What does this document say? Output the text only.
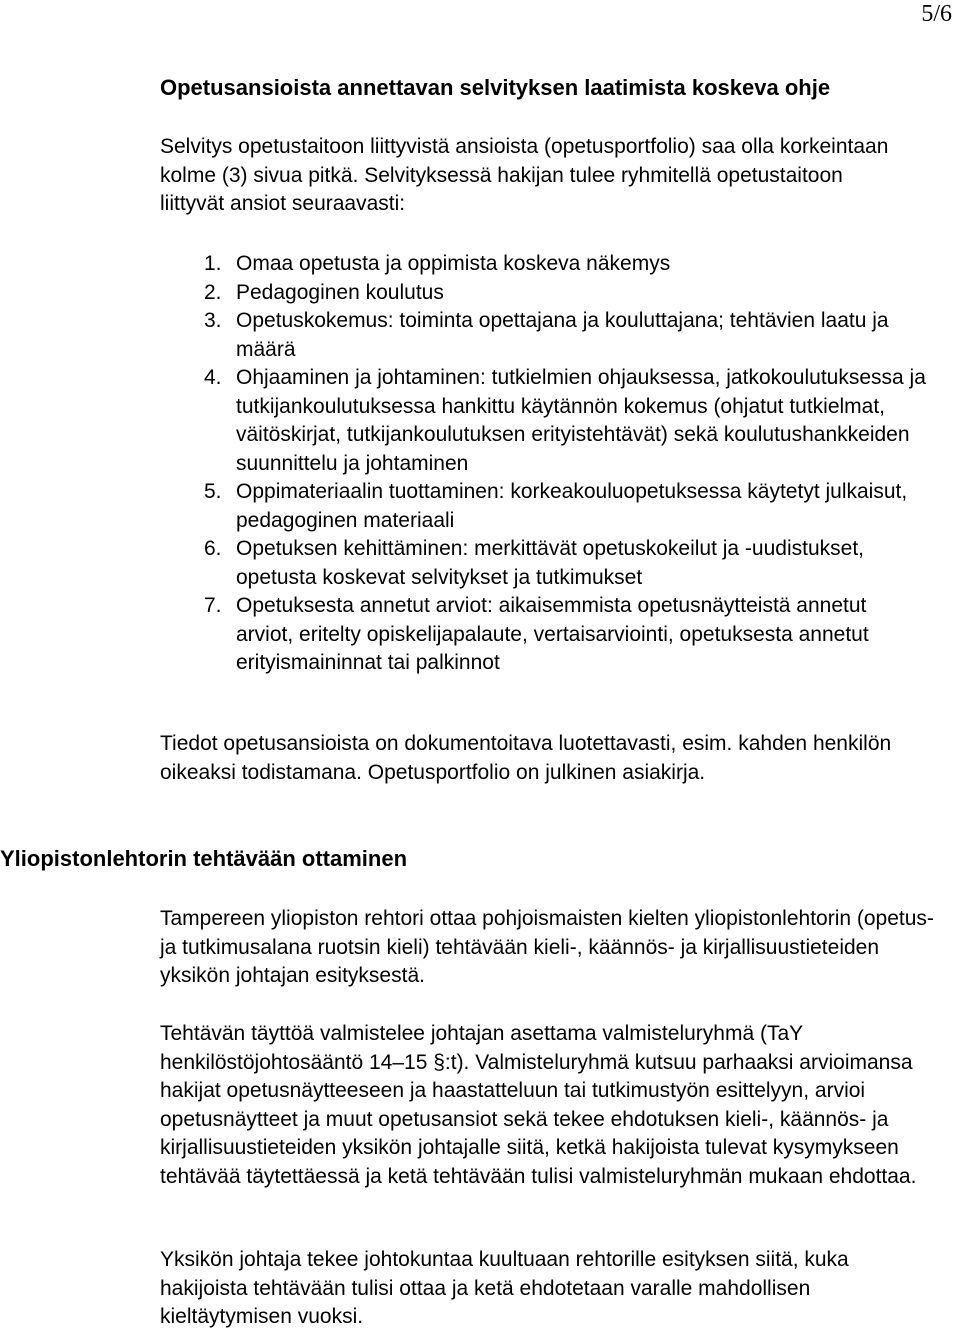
5/6
Opetusansioista annettavan selvityksen laatimista koskeva ohje

Selvitys opetustaitoon liittyvistä ansioista (opetusportfolio) saa olla korkeintaan kolme (3) sivua pitkä. Selvityksessä hakijan tulee ryhmitellä opetustaitoon liittyvät ansiot seuraavasti:

1. Omaa opetusta ja oppimista koskeva näkemys
2. Pedagoginen koulutus
3. Opetuskokemus: toiminta opettajana ja kouluttajana; tehtävien laatu ja määrä
4. Ohjaaminen ja johtaminen: tutkielmien ohjauksessa, jatkokoulutuksessa ja tutkijankoulutuksessa hankittu käytännön kokemus (ohjatut tutkielmat, väitöskirjat, tutkijankoulutuksen erityistehtävät) sekä koulutushankkeiden suunnittelu ja johtaminen
5. Oppimateriaalin tuottaminen: korkeakouluopetuksessa käytetyt julkaisut, pedagoginen materiaali
6. Opetuksen kehittäminen: merkittävät opetuskokeilut ja -uudistukset, opetusta koskevat selvitykset ja tutkimukset
7. Opetuksesta annetut arviot: aikaisemmista opetusnäytteistä annetut arviot, eritelty opiskelijapalaute, vertaisarviointi, opetuksesta annetut erityismaininnat tai palkinnot

Tiedot opetusansioista on dokumentoitava luotettavasti, esim. kahden henkilön oikeaksi todistamana. Opetusportfolio on julkinen asiakirja.

Yliopistonlehtorin tehtävään ottaminen

Tampereen yliopiston rehtori ottaa pohjoismaisten kielten yliopistonlehtorin (opetus- ja tutkimusalana ruotsin kieli) tehtävään kieli-, käännös- ja kirjallisuustieteiden yksikön johtajan esityksestä.

Tehtävän täyttöä valmistelee johtajan asettama valmisteluryhmä (TaY henkilöstöjohtosääntö 14–15 §:t). Valmisteluryhmä kutsuu parhaaksi arvioimansa hakijat opetusnäytteeseen ja haastatteluun tai tutkimustyön esittelyyn, arvioi opetusnäytteet ja muut opetusansiot sekä tekee ehdotuksen kieli-, käännös- ja kirjallisuustieteiden yksikön johtajalle siitä, ketkä hakijoista tulevat kysymykseen tehtävää täytettäessä ja ketä tehtävään tulisi valmisteluryhmän mukaan ehdottaa.

Yksikön johtaja tekee johtokuntaa kuultuaan rehtorille esityksen siitä, kuka hakijoista tehtävään tulisi ottaa ja ketä ehdotetaan varalle mahdollisen kieltäytymisen vuoksi.
